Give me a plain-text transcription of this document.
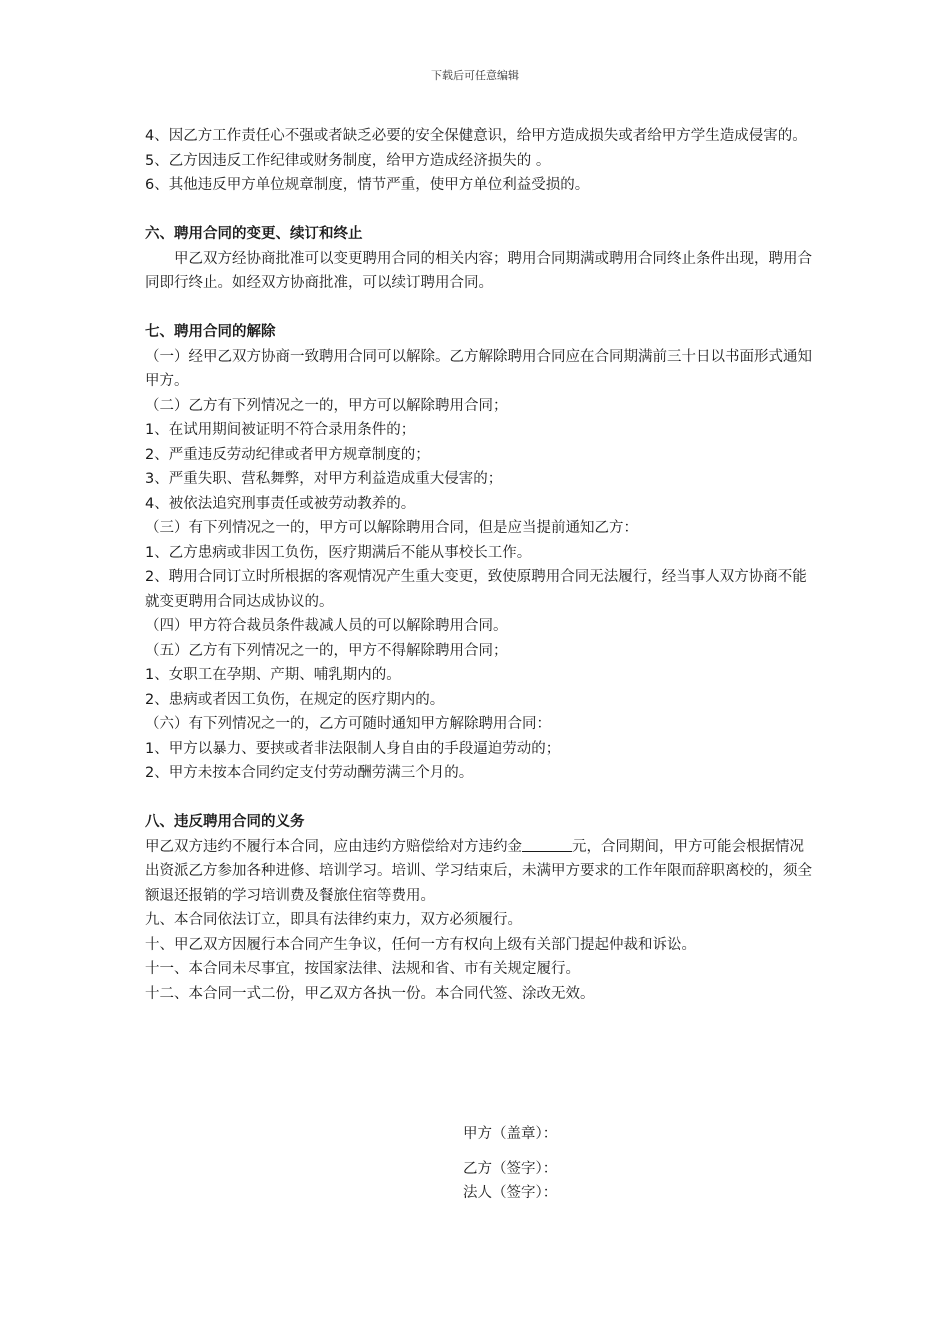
下载后可任意编辑

4、因乙方工作责任心不强或者缺乏必要的安全保健意识，给甲方造成损失或者给甲方学生造成侵害的。

5、乙方因违反工作纪律或财务制度，给甲方造成经济损失的 。

6、其他违反甲方单位规章制度，情节严重，使甲方单位利益受损的。

六、聘用合同的变更、续订和终止

甲乙双方经协商批准可以变更聘用合同的相关内容；聘用合同期满或聘用合同终止条件出现，聘用合同即行终止。如经双方协商批准，可以续订聘用合同。

七、聘用合同的解除

（一）经甲乙双方协商一致聘用合同可以解除。乙方解除聘用合同应在合同期满前三十日以书面形式通知甲方。

（二）乙方有下列情况之一的，甲方可以解除聘用合同；

1、在试用期间被证明不符合录用条件的；

2、严重违反劳动纪律或者甲方规章制度的；

3、严重失职、营私舞弊，对甲方利益造成重大侵害的；

4、被依法追究刑事责任或被劳动教养的。

（三）有下列情况之一的，甲方可以解除聘用合同，但是应当提前通知乙方：

1、乙方患病或非因工负伤，医疗期满后不能从事校长工作。

2、聘用合同订立时所根据的客观情况产生重大变更，致使原聘用合同无法履行，经当事人双方协商不能就变更聘用合同达成协议的。

（四）甲方符合裁员条件裁减人员的可以解除聘用合同。

（五）乙方有下列情况之一的，甲方不得解除聘用合同；

1、女职工在孕期、产期、哺乳期内的。

2、患病或者因工负伤，在规定的医疗期内的。

（六）有下列情况之一的，乙方可随时通知甲方解除聘用合同：

1、甲方以暴力、要挟或者非法限制人身自由的手段逼迫劳动的；

2、甲方未按本合同约定支付劳动酬劳满三个月的。

八、违反聘用合同的义务

甲乙双方违约不履行本合同，应由违约方赔偿给对方违约金	元，合同期间，甲方可能会根据情况出资派乙方参加各种进修、培训学习。培训、学习结束后，未满甲方要求的工作年限而辞职离校的，须全额退还报销的学习培训费及餐旅住宿等费用。

九、本合同依法订立，即具有法律约束力，双方必须履行。

十、甲乙双方因履行本合同产生争议，任何一方有权向上级有关部门提起仲裁和诉讼。

十一、本合同未尽事宜，按国家法律、法规和省、市有关规定履行。

十二、本合同一式二份，甲乙双方各执一份。本合同代签、涂改无效。

甲方（盖章）：
乙方（签字）：
法人（签字）：
